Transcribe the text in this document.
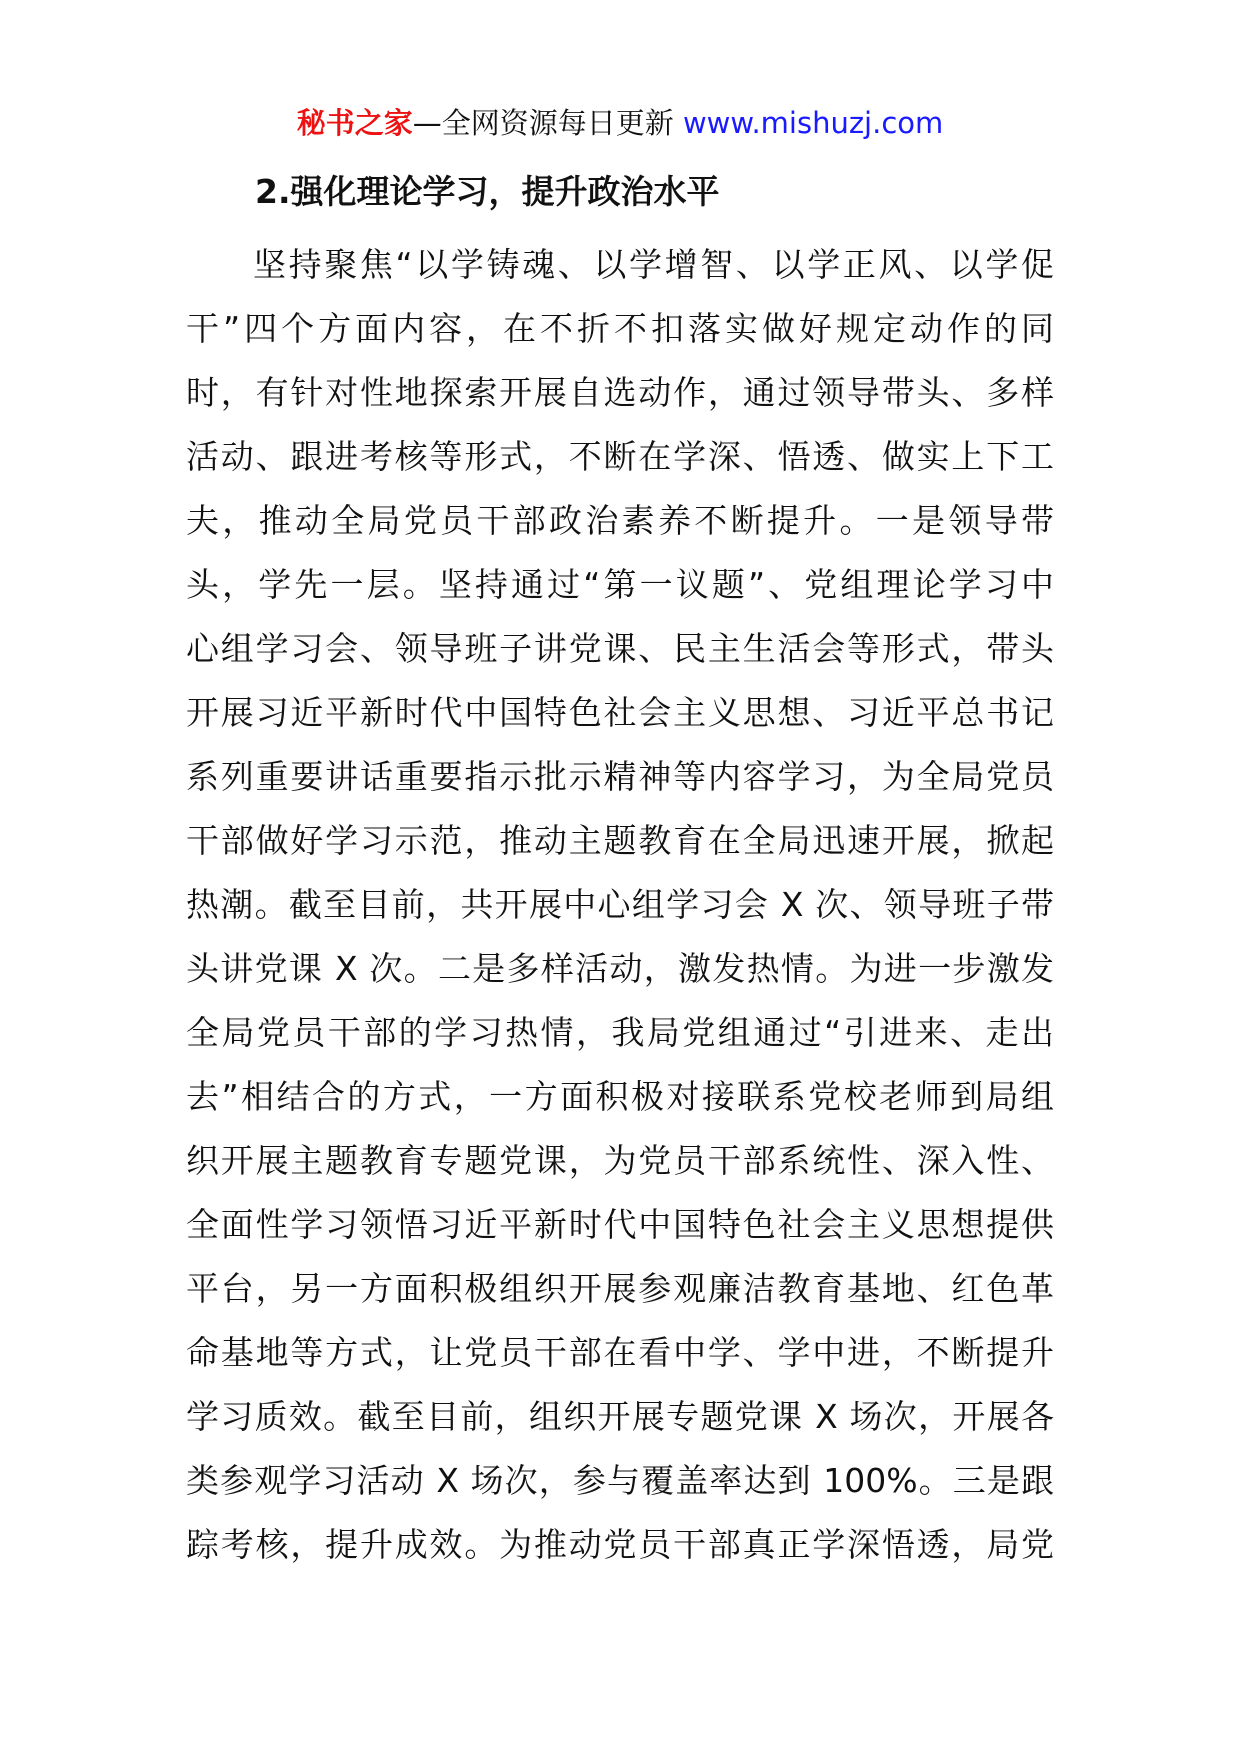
秘书之家—全网资源每日更新 www.mishuzj.com
2.强化理论学习，提升政治水平
坚持聚焦“以学铸魂、以学增智、以学正风、以学促
干”四个方面内容，在不折不扣落实做好规定动作的同
时，有针对性地探索开展自选动作，通过领导带头、多样
活动、跟进考核等形式，不断在学深、悟透、做实上下工
夫，推动全局党员干部政治素养不断提升。一是领导带
头，学先一层。坚持通过“第一议题”、党组理论学习中
心组学习会、领导班子讲党课、民主生活会等形式，带头
开展习近平新时代中国特色社会主义思想、习近平总书记
系列重要讲话重要指示批示精神等内容学习，为全局党员
干部做好学习示范，推动主题教育在全局迅速开展，掀起
热潮。截至目前，共开展中心组学习会 X 次、领导班子带
头讲党课 X 次。二是多样活动，激发热情。为进一步激发
全局党员干部的学习热情，我局党组通过“引进来、走出
去”相结合的方式，一方面积极对接联系党校老师到局组
织开展主题教育专题党课，为党员干部系统性、深入性、
全面性学习领悟习近平新时代中国特色社会主义思想提供
平台，另一方面积极组织开展参观廉洁教育基地、红色革
命基地等方式，让党员干部在看中学、学中进，不断提升
学习质效。截至目前，组织开展专题党课 X 场次，开展各
类参观学习活动 X 场次，参与覆盖率达到 100%。三是跟
踪考核，提升成效。为推动党员干部真正学深悟透，局党
